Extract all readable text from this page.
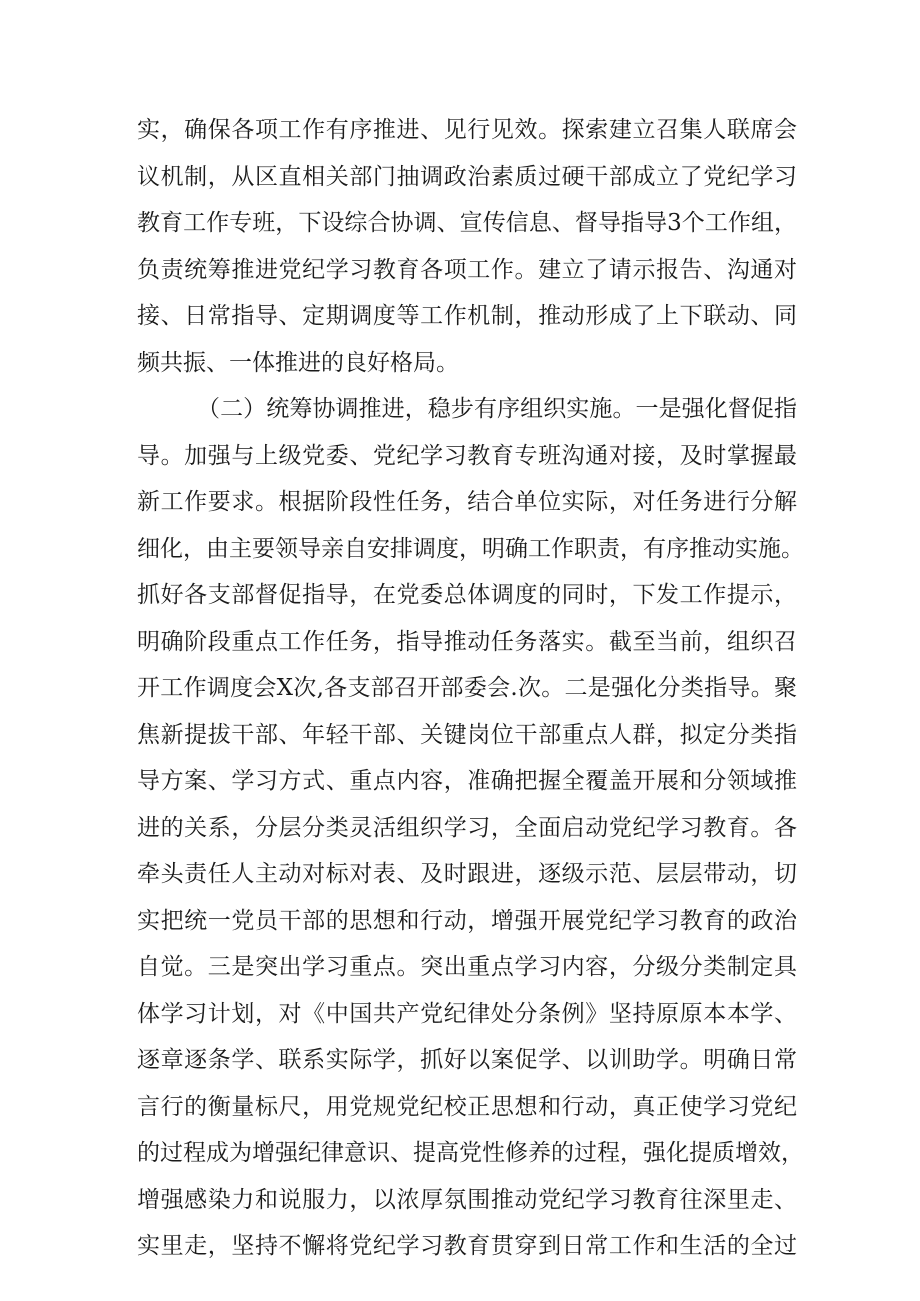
实，确保各项工作有序推进、见行见效。探索建立召集人联席会
议机制，从区直相关部门抽调政治素质过硬干部成立了党纪学习
教育工作专班，下设综合协调、宣传信息、督导指导3个工作组，
负责统筹推进党纪学习教育各项工作。建立了请示报告、沟通对
接、日常指导、定期调度等工作机制，推动形成了上下联动、同
频共振、一体推进的良好格局。
（二）统筹协调推进，稳步有序组织实施。一是强化督促指
导。加强与上级党委、党纪学习教育专班沟通对接，及时掌握最
新工作要求。根据阶段性任务，结合单位实际，对任务进行分解
细化，由主要领导亲自安排调度，明确工作职责，有序推动实施。
抓好各支部督促指导，在党委总体调度的同时，下发工作提示，
明确阶段重点工作任务，指导推动任务落实。截至当前，组织召
开工作调度会X次,各支部召开部委会.次。二是强化分类指导。聚
焦新提拔干部、年轻干部、关键岗位干部重点人群，拟定分类指
导方案、学习方式、重点内容，准确把握全覆盖开展和分领域推
进的关系，分层分类灵活组织学习，全面启动党纪学习教育。各
牵头责任人主动对标对表、及时跟进，逐级示范、层层带动，切
实把统一党员干部的思想和行动，增强开展党纪学习教育的政治
自觉。三是突出学习重点。突出重点学习内容，分级分类制定具
体学习计划，对《中国共产党纪律处分条例》坚持原原本本学、
逐章逐条学、联系实际学，抓好以案促学、以训助学。明确日常
言行的衡量标尺，用党规党纪校正思想和行动，真正使学习党纪
的过程成为增强纪律意识、提高党性修养的过程，强化提质增效，
增强感染力和说服力，以浓厚氛围推动党纪学习教育往深里走、
实里走，坚持不懈将党纪学习教育贯穿到日常工作和生活的全过
